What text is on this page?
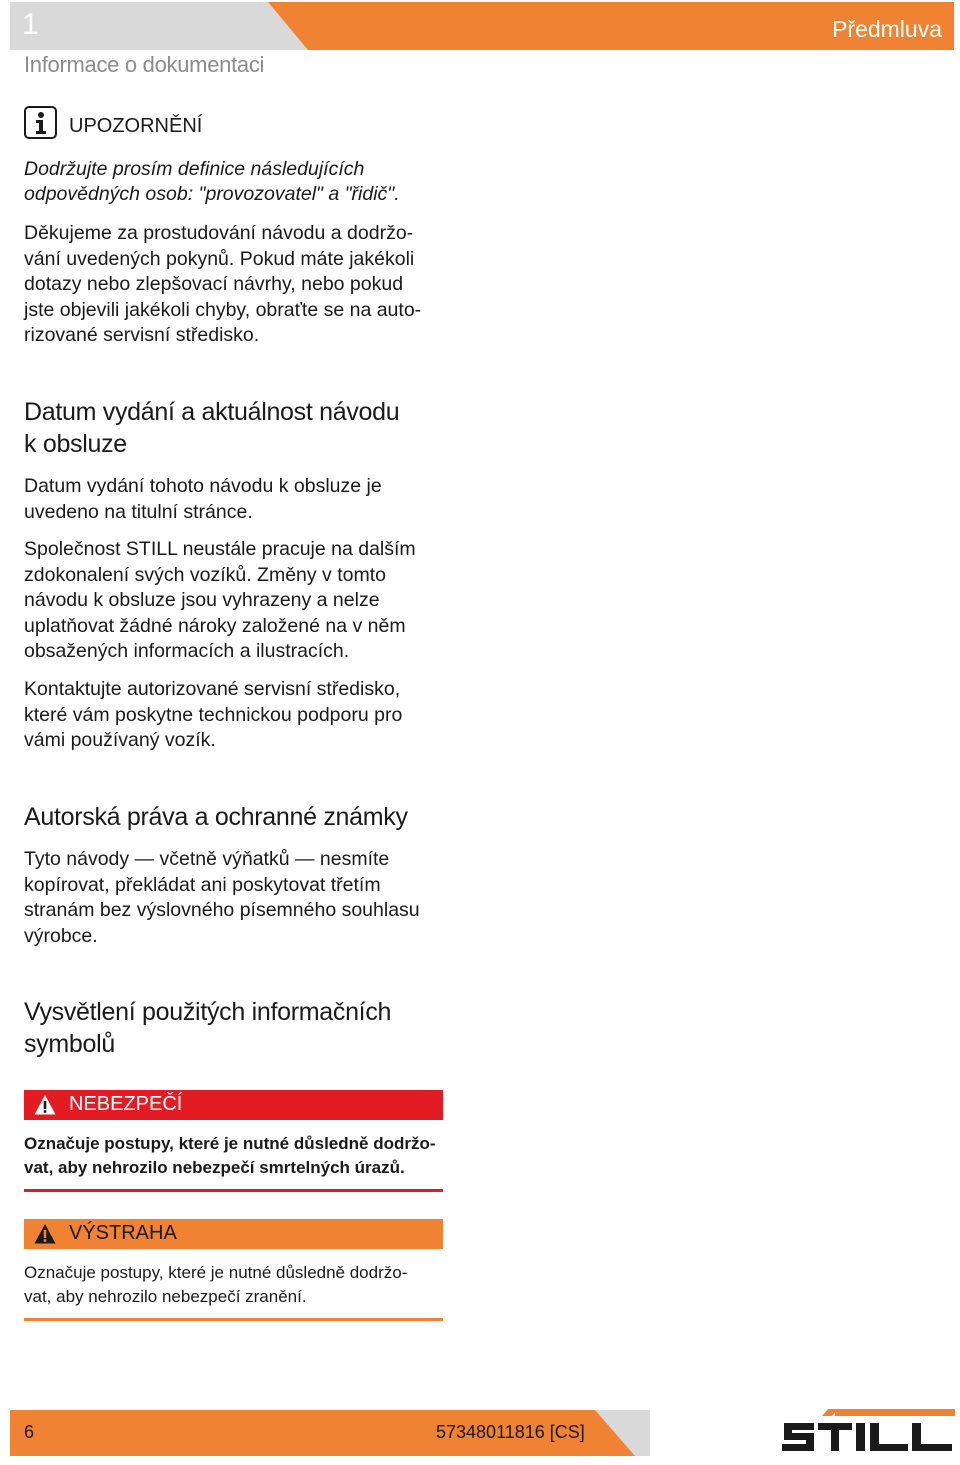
1	Předmluva
Informace o dokumentaci
UPOZORNĚNÍ
Dodržujte prosím definice následujících
odpovědných osob: "provozovatel" a "řidič".
Děkujeme za prostudování návodu a dodržo-
vání uvedených pokynů. Pokud máte jakékoli
dotazy nebo zlepšovací návrhy, nebo pokud
jste objevili jakékoli chyby, obraťte se na auto-
rizované servisní středisko.
Datum vydání a aktuálnost návodu
k obsluze
Datum vydání tohoto návodu k obsluze je
uvedeno na titulní stránce.
Společnost STILL neustále pracuje na dalším
zdokonalení svých vozíků. Změny v tomto
návodu k obsluze jsou vyhrazeny a nelze
uplatňovat žádné nároky založené na v něm
obsažených informacích a ilustracích.
Kontaktujte autorizované servisní středisko,
které vám poskytne technickou podporu pro
vámi používaný vozík.
Autorská práva a ochranné známky
Tyto návody — včetně výňatků — nesmíte
kopírovat, překládat ani poskytovat třetím
stranám bez výslovného písemného souhlasu
výrobce.
Vysvětlení použitých informačních
symbolů
NEBEZPEČÍ
Označuje postupy, které je nutné důsledně dodržo-
vat, aby nehrozilo nebezpečí smrtelných úrazů.
VÝSTRAHA
Označuje postupy, které je nutné důsledně dodržo-
vat, aby nehrozilo nebezpečí zranění.
6	57348011816 [CS]
